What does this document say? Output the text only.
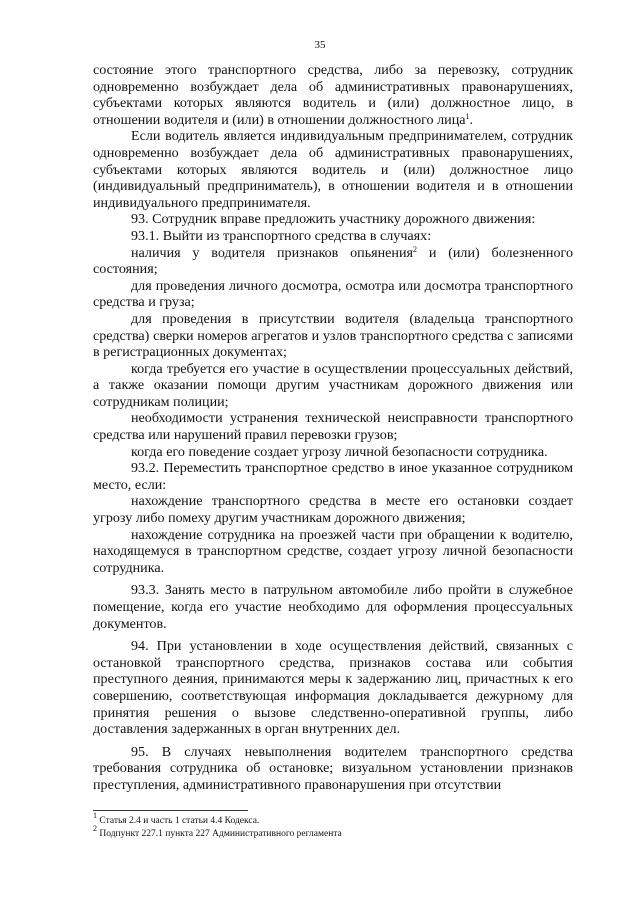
35

состояние этого транспортного средства, либо за перевозку, сотрудник одновременно возбуждает дела об административных правонарушениях, субъектами которых являются водитель и (или) должностное лицо, в отношении водителя и (или) в отношении должностного лица$^1$.

Если водитель является индивидуальным предпринимателем, сотрудник одновременно возбуждает дела об административных правонарушениях, субъектами которых являются водитель и (или) должностное лицо (индивидуальный предприниматель), в отношении водителя и в отношении индивидуального предпринимателя.

93. Сотрудник вправе предложить участнику дорожного движения:

93.1. Выйти из транспортного средства в случаях:

наличия у водителя признаков опьянения$^2$ и (или) болезненного состояния;

для проведения личного досмотра, осмотра или досмотра транспортного средства и груза;

для проведения в присутствии водителя (владельца транспортного средства) сверки номеров агрегатов и узлов транспортного средства с записями в регистрационных документах;

когда требуется его участие в осуществлении процессуальных действий, а также оказании помощи другим участникам дорожного движения или сотрудникам полиции;

необходимости устранения технической неисправности транспортного средства или нарушений правил перевозки грузов;

когда его поведение создает угрозу личной безопасности сотрудника.

93.2. Переместить транспортное средство в иное указанное сотрудником место, если:

нахождение транспортного средства в месте его остановки создает угрозу либо помеху другим участникам дорожного движения;

нахождение сотрудника на проезжей части при обращении к водителю, находящемуся в транспортном средстве, создает угрозу личной безопасности сотрудника.

93.3. Занять место в патрульном автомобиле либо пройти в служебное помещение, когда его участие необходимо для оформления процессуальных документов.

94. При установлении в ходе осуществления действий, связанных с остановкой транспортного средства, признаков состава или события преступного деяния, принимаются меры к задержанию лиц, причастных к его совершению, соответствующая информация докладывается дежурному для принятия решения о вызове следственно-оперативной группы, либо доставления задержанных в орган внутренних дел.

95. В случаях невыполнения водителем транспортного средства требования сотрудника об остановке; визуальном установлении признаков преступления, административного правонарушения при отсутствии

$^1$ Статья 2.4 и часть 1 статьи 4.4 Кодекса.

$^2$ Подпункт 227.1 пункта 227 Административного регламента
